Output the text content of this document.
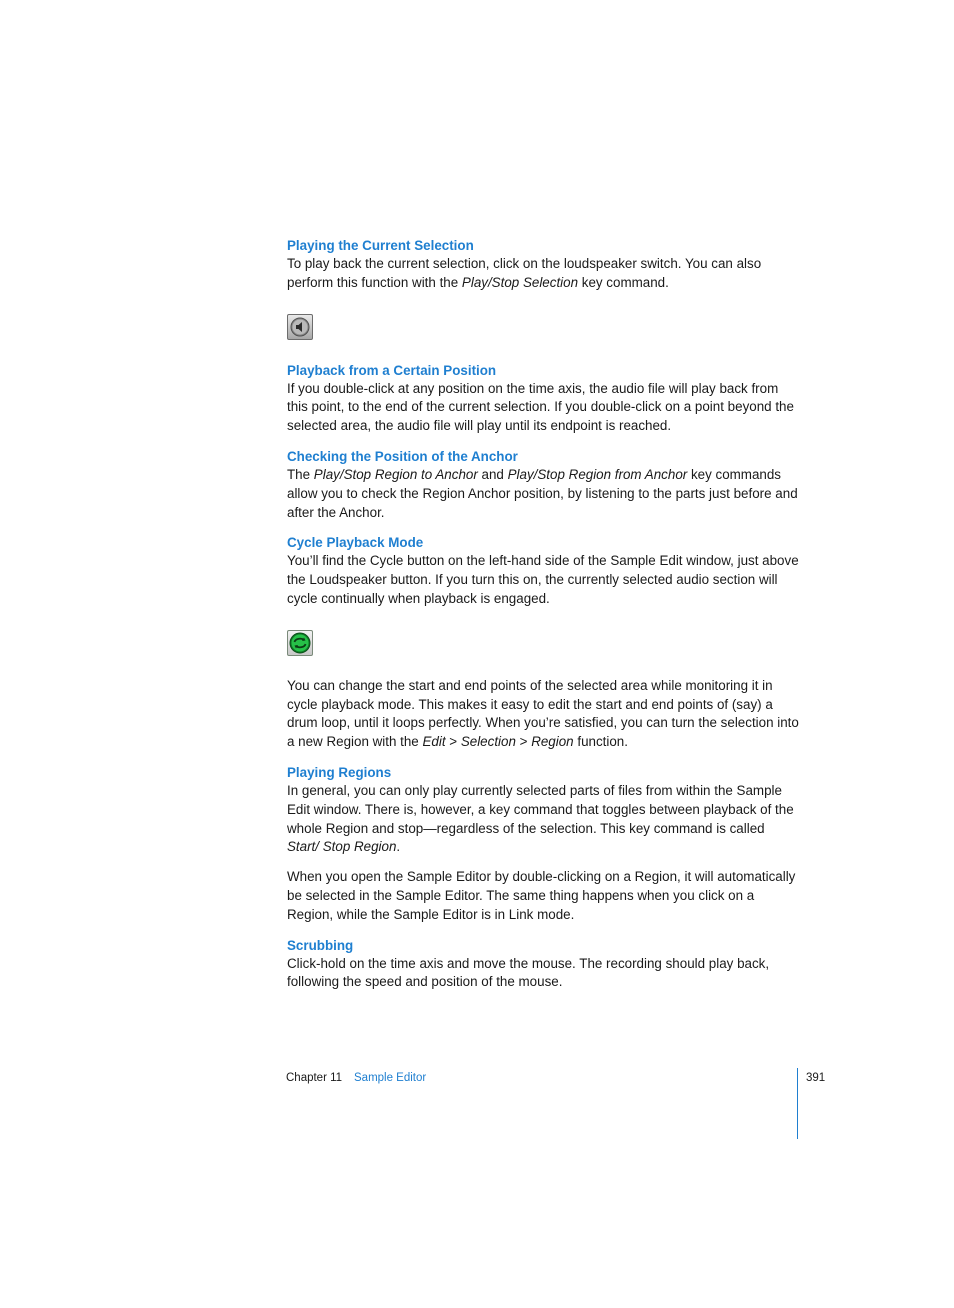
Playing the Current Selection

To play back the current selection, click on the loudspeaker switch. You can also perform this function with the Play/Stop Selection key command.

Playback from a Certain Position

If you double-click at any position on the time axis, the audio file will play back from this point, to the end of the current selection. If you double-click on a point beyond the selected area, the audio file will play until its endpoint is reached.

Checking the Position of the Anchor

The Play/Stop Region to Anchor and Play/Stop Region from Anchor key commands allow you to check the Region Anchor position, by listening to the parts just before and after the Anchor.

Cycle Playback Mode

You’ll find the Cycle button on the left-hand side of the Sample Edit window, just above the Loudspeaker button. If you turn this on, the currently selected audio section will cycle continually when playback is engaged.

You can change the start and end points of the selected area while monitoring it in cycle playback mode. This makes it easy to edit the start and end points of (say) a drum loop, until it loops perfectly. When you’re satisfied, you can turn the selection into a new Region with the Edit > Selection > Region function.

Playing Regions

In general, you can only play currently selected parts of files from within the Sample Edit window. There is, however, a key command that toggles between playback of the whole Region and stop—regardless of the selection. This key command is called Start/ Stop Region.

When you open the Sample Editor by double-clicking on a Region, it will automatically be selected in the Sample Editor. The same thing happens when you click on a Region, while the Sample Editor is in Link mode.

Scrubbing

Click-hold on the time axis and move the mouse. The recording should play back, following the speed and position of the mouse.

Chapter 11 Sample Editor	391
